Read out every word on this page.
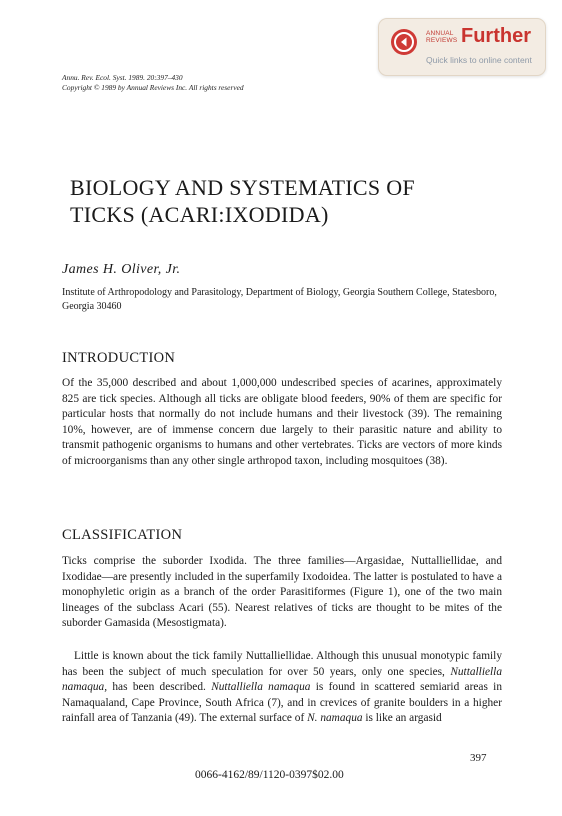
ANNUAL
REVIEWS Further
Quick links to online content
Annu. Rev. Ecol. Syst. 1989. 20:397–430
Copyright © 1989 by Annual Reviews Inc. All rights reserved
BIOLOGY AND SYSTEMATICS OF
TICKS (ACARI:IXODIDA)
James H. Oliver, Jr.
Institute of Arthropodology and Parasitology, Department of Biology, Georgia Southern College, Statesboro, Georgia 30460
INTRODUCTION

Of the 35,000 described and about 1,000,000 undescribed species of acarines, approximately 825 are tick species. Although all ticks are obligate blood feeders, 90% of them are specific for particular hosts that normally do not include humans and their livestock (39). The remaining 10%, however, are of immense concern due largely to their parasitic nature and ability to transmit pathogenic organisms to humans and other vertebrates. Ticks are vectors of more kinds of microorganisms than any other single arthropod taxon, including mosquitoes (38).

CLASSIFICATION

Ticks comprise the suborder Ixodida. The three families—Argasidae, Nuttalliellidae, and Ixodidae—are presently included in the superfamily Ixodoidea. The latter is postulated to have a monophyletic origin as a branch of the order Parasitiformes (Figure 1), one of the two main lineages of the subclass Acari (55). Nearest relatives of ticks are thought to be mites of the suborder Gamasida (Mesostigmata).

Little is known about the tick family Nuttalliellidae. Although this unusual monotypic family has been the subject of much speculation for over 50 years, only one species, Nuttalliella namaqua, has been described. Nuttalliella namaqua is found in scattered semiarid areas in Namaqualand, Cape Province, South Africa (7), and in crevices of granite boulders in a higher rainfall area of Tanzania (49). The external surface of N. namaqua is like an argasid

397
0066-4162/89/1120-0397$02.00
